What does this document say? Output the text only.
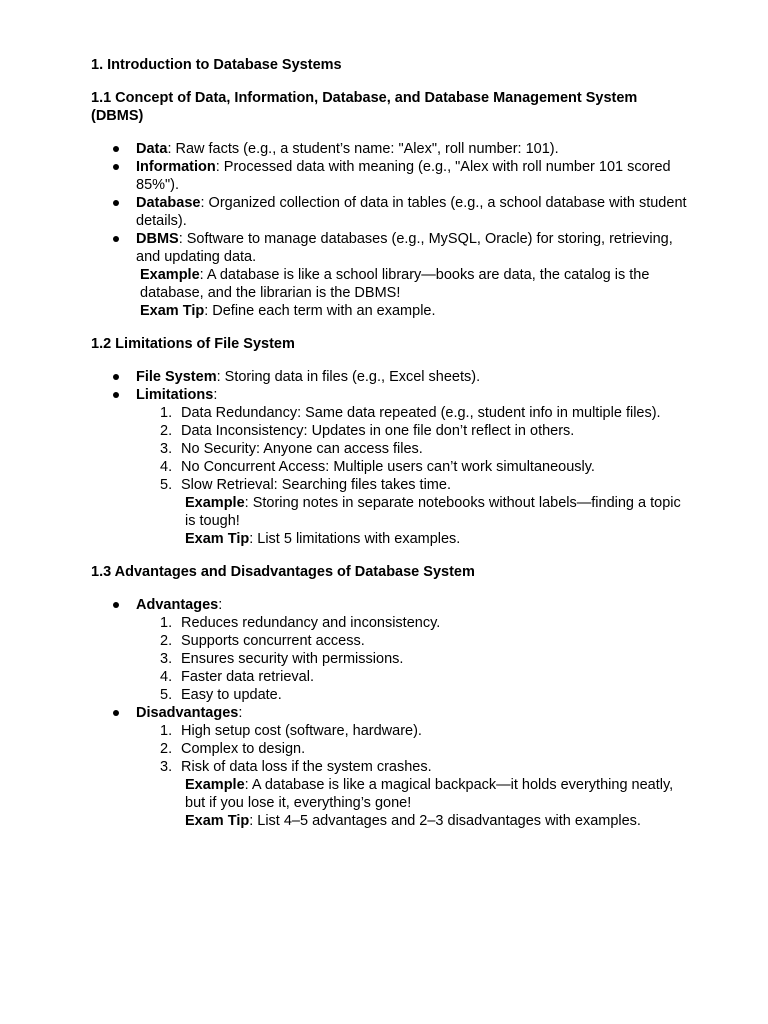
1. Introduction to Database Systems
1.1 Concept of Data, Information, Database, and Database Management System (DBMS)
Data: Raw facts (e.g., a student’s name: "Alex", roll number: 101).
Information: Processed data with meaning (e.g., "Alex with roll number 101 scored 85%").
Database: Organized collection of data in tables (e.g., a school database with student details).
DBMS: Software to manage databases (e.g., MySQL, Oracle) for storing, retrieving, and updating data.
Example: A database is like a school library—books are data, the catalog is the database, and the librarian is the DBMS!
Exam Tip: Define each term with an example.
1.2 Limitations of File System
File System: Storing data in files (e.g., Excel sheets).
Limitations:
1. Data Redundancy: Same data repeated (e.g., student info in multiple files).
2. Data Inconsistency: Updates in one file don’t reflect in others.
3. No Security: Anyone can access files.
4. No Concurrent Access: Multiple users can’t work simultaneously.
5. Slow Retrieval: Searching files takes time.
Example: Storing notes in separate notebooks without labels—finding a topic is tough!
Exam Tip: List 5 limitations with examples.
1.3 Advantages and Disadvantages of Database System
Advantages:
1. Reduces redundancy and inconsistency.
2. Supports concurrent access.
3. Ensures security with permissions.
4. Faster data retrieval.
5. Easy to update.
Disadvantages:
1. High setup cost (software, hardware).
2. Complex to design.
3. Risk of data loss if the system crashes.
Example: A database is like a magical backpack—it holds everything neatly, but if you lose it, everything’s gone!
Exam Tip: List 4–5 advantages and 2–3 disadvantages with examples.
